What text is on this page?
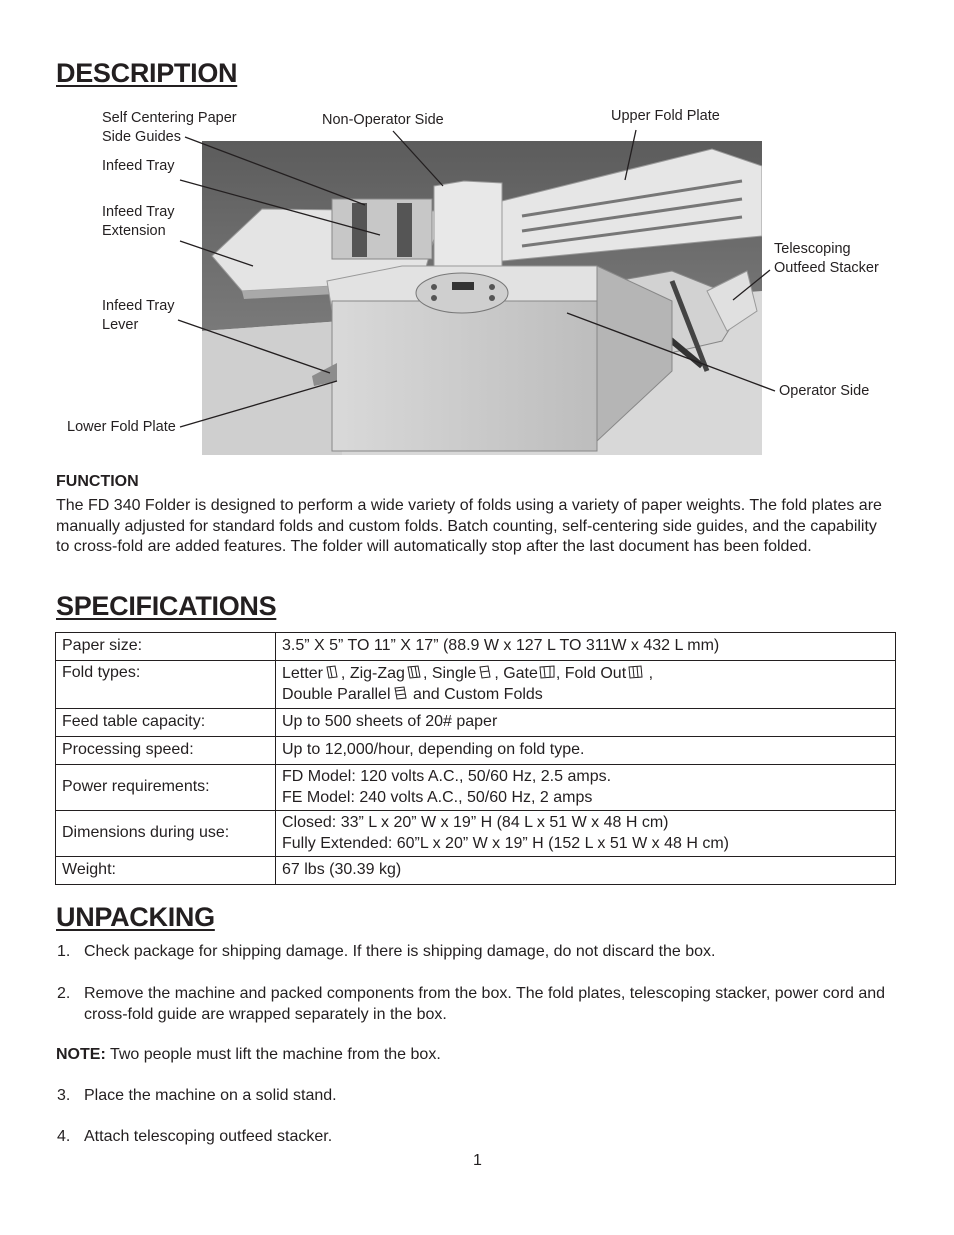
DESCRIPTION
Self Centering Paper
Side Guides
Infeed Tray
Infeed Tray
Extension
Infeed Tray
Lever
Lower Fold Plate
Non-Operator Side	Upper Fold Plate
Telescoping
Outfeed Stacker
Operator Side
FUNCTION
The FD 340 Folder is designed to perform a wide variety of folds using a variety of paper weights. The fold plates are manually adjusted for standard folds and custom folds. Batch counting, self-centering side guides, and the capability to cross-fold are added features. The folder will automatically stop after the last document has been folded.
SPECIFICATIONS
Paper size:	3.5” X 5” TO 11” X 17” (88.9 W x 127 L TO 311W x 432 L mm)
Fold types:	Letter , Zig-Zag , Single , Gate , Fold Out ,
Double Parallel and Custom Folds
Feed table capacity:	Up to 500 sheets of 20# paper
Processing speed:	Up to 12,000/hour, depending on fold type.
Power requirements:	FD Model: 120 volts A.C., 50/60 Hz, 2.5 amps.
FE Model: 240 volts A.C., 50/60 Hz, 2 amps
Dimensions during use:	Closed: 33” L x 20” W x 19” H (84 L x 51 W x 48 H cm)
Fully Extended: 60”L x 20” W x 19” H (152 L x 51 W x 48 H cm)
Weight:	67 lbs (30.39 kg)
UNPACKING
1. Check package for shipping damage. If there is shipping damage, do not discard the box.
2. Remove the machine and packed components from the box. The fold plates, telescoping stacker, power cord and cross-fold guide are wrapped separately in the box.
NOTE: Two people must lift the machine from the box.
3. Place the machine on a solid stand.
4. Attach telescoping outfeed stacker.
1
